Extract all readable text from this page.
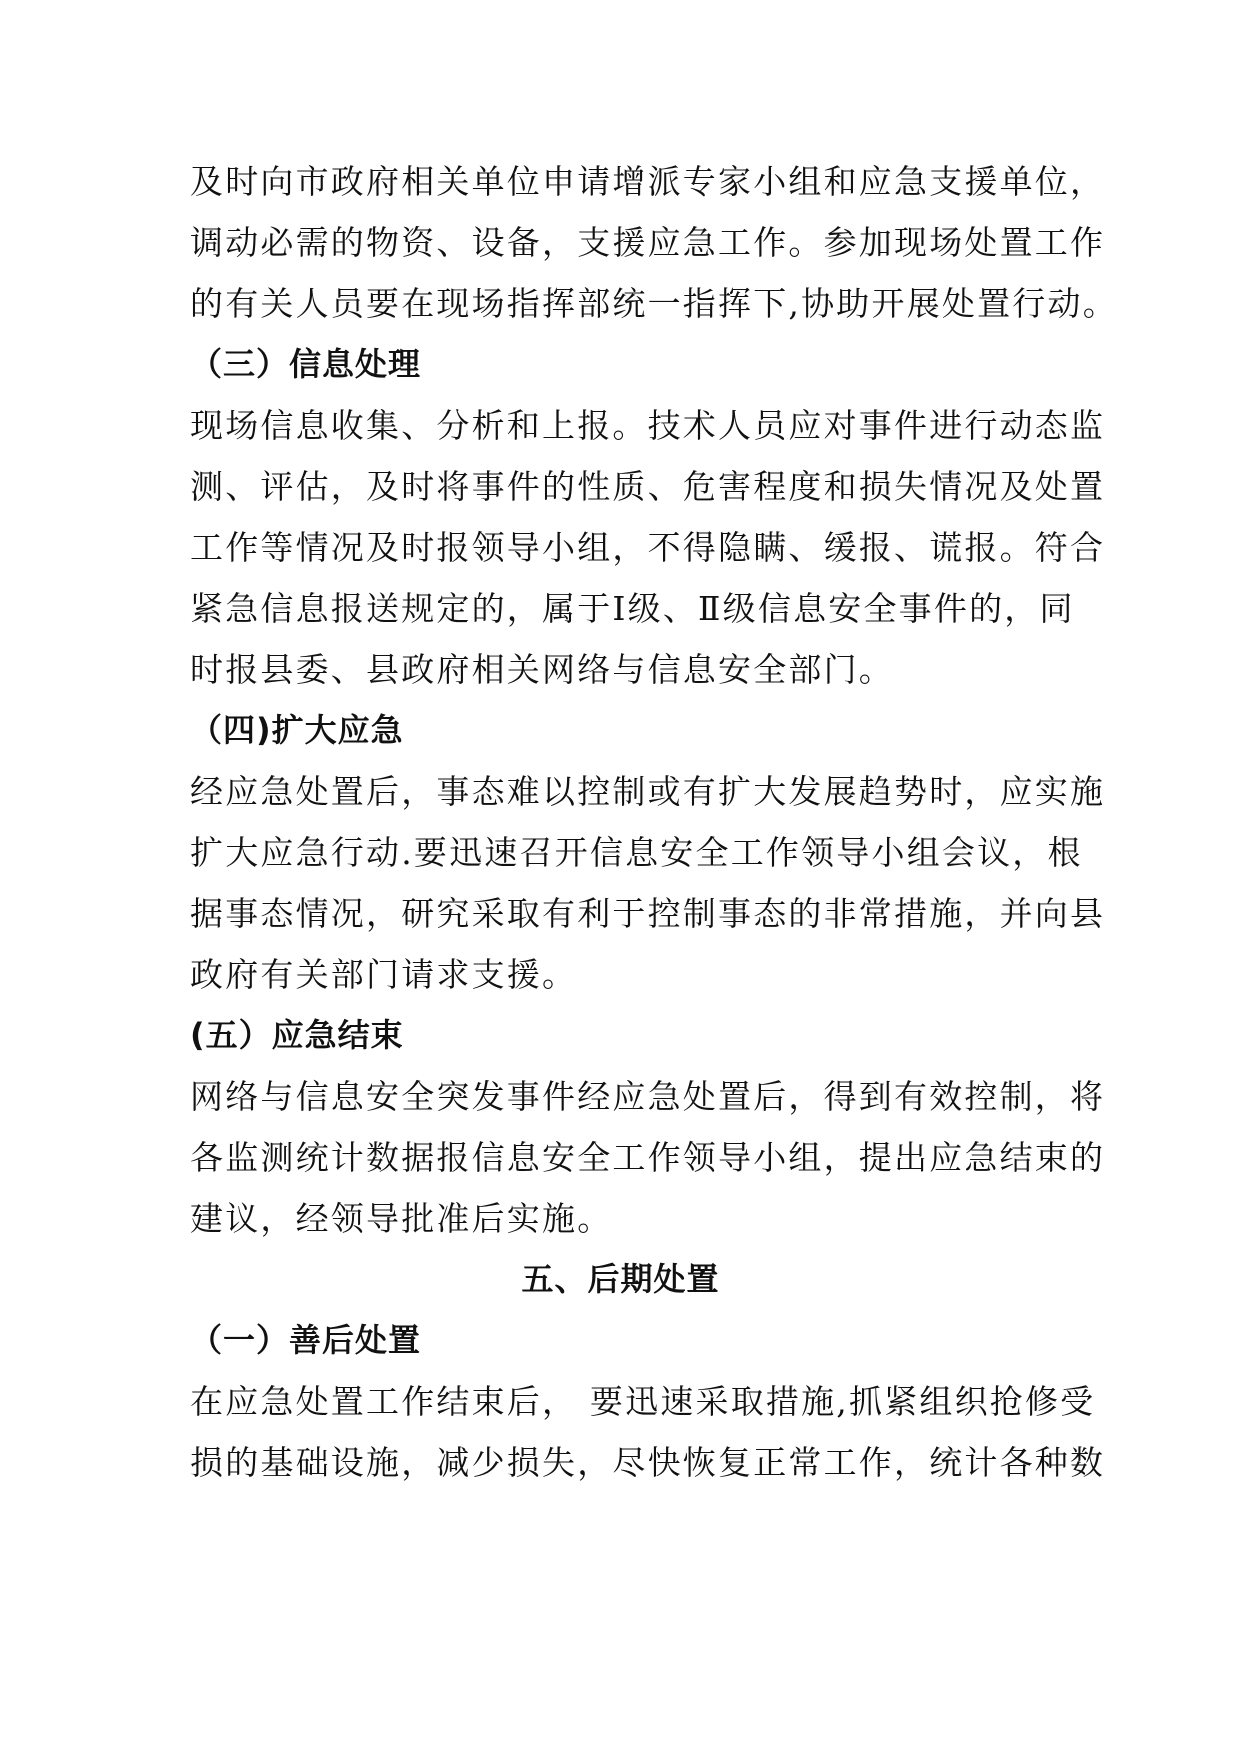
及时向市政府相关单位申请增派专家小组和应急支援单位，
调动必需的物资、设备，支援应急工作。参加现场处置工作
的有关人员要在现场指挥部统一指挥下,协助开展处置行动。
（三）信息处理
现场信息收集、分析和上报。技术人员应对事件进行动态监
测、评估，及时将事件的性质、危害程度和损失情况及处置
工作等情况及时报领导小组，不得隐瞒、缓报、谎报。符合
紧急信息报送规定的，属于Ⅰ级、Ⅱ级信息安全事件的，同
时报县委、县政府相关网络与信息安全部门。
（四)扩大应急
经应急处置后，事态难以控制或有扩大发展趋势时，应实施
扩大应急行动.要迅速召开信息安全工作领导小组会议，根
据事态情况，研究采取有利于控制事态的非常措施，并向县
政府有关部门请求支援。
(五）应急结束
网络与信息安全突发事件经应急处置后，得到有效控制，将
各监测统计数据报信息安全工作领导小组，提出应急结束的
建议，经领导批准后实施。
五、后期处置
（一）善后处置
在应急处置工作结束后， 要迅速采取措施,抓紧组织抢修受
损的基础设施，减少损失，尽快恢复正常工作，统计各种数
